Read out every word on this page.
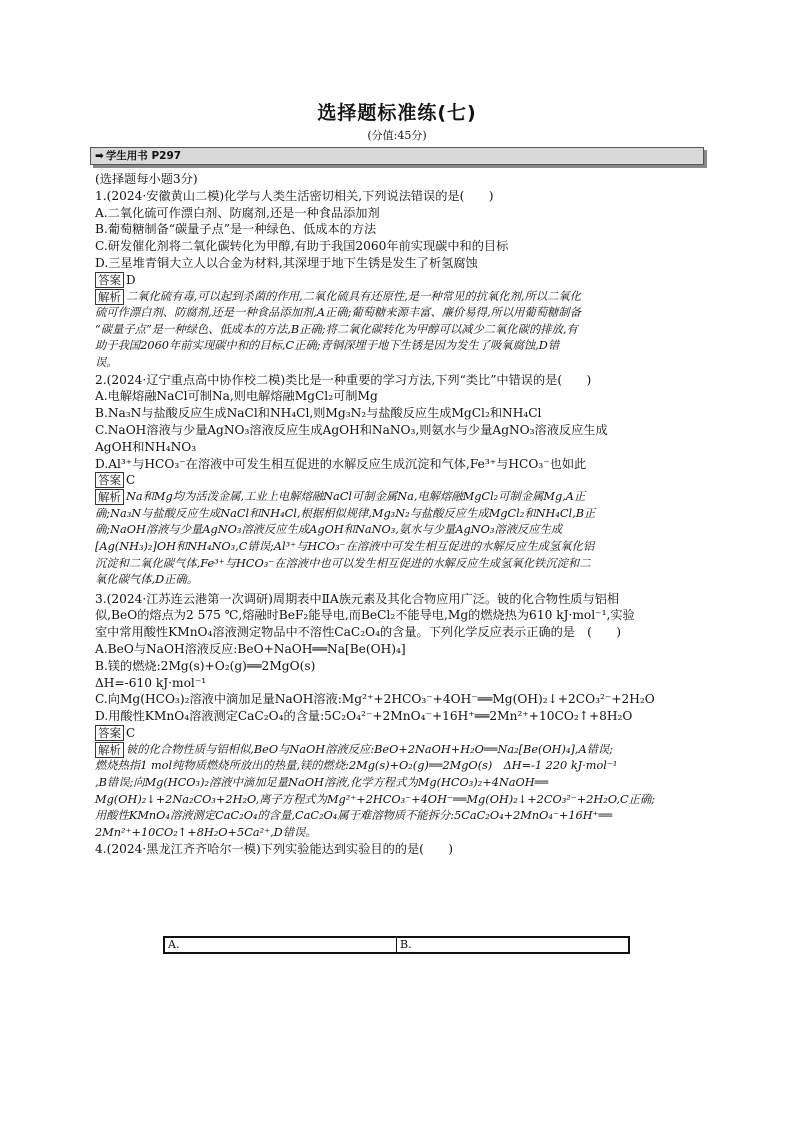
选择题标准练(七)
(分值:45分)
➡ 学生用书 P297
(选择题每小题3分)
1.(2024·安徽黄山二模)化学与人类生活密切相关,下列说法错误的是(　　)
A.二氧化硫可作漂白剂、防腐剂,还是一种食品添加剂
B.葡萄糖制备“碳量子点”是一种绿色、低成本的方法
C.研发催化剂将二氧化碳转化为甲醇,有助于我国2060年前实现碳中和的目标
D.三星堆青铜大立人以合金为材料,其深埋于地下生锈是发生了析氢腐蚀
答案 D
解析 二氧化硫有毒,可以起到杀菌的作用,二氧化硫具有还原性,是一种常见的抗氧化剂,所以二氧化
硫可作漂白剂、防腐剂,还是一种食品添加剂,A正确;葡萄糖来源丰富、廉价易得,所以用葡萄糖制备
“碳量子点”是一种绿色、低成本的方法,B正确;将二氧化碳转化为甲醇可以减少二氧化碳的排放,有
助于我国2060年前实现碳中和的目标,C正确;青铜深埋于地下生锈是因为发生了吸氧腐蚀,D错
误。
2.(2024·辽宁重点高中协作校二模)类比是一种重要的学习方法,下列“类比”中错误的是(　　)
A.电解熔融NaCl可制Na,则电解熔融MgCl₂可制Mg
B.Na₃N与盐酸反应生成NaCl和NH₄Cl,则Mg₃N₂与盐酸反应生成MgCl₂和NH₄Cl
C.NaOH溶液与少量AgNO₃溶液反应生成AgOH和NaNO₃,则氨水与少量AgNO₃溶液反应生成
AgOH和NH₄NO₃
D.Al³⁺与HCO₃⁻在溶液中可发生相互促进的水解反应生成沉淀和气体,Fe³⁺与HCO₃⁻也如此
答案 C
解析 Na和Mg均为活泼金属,工业上电解熔融NaCl可制金属Na,电解熔融MgCl₂可制金属Mg,A正
确;Na₃N与盐酸反应生成NaCl和NH₄Cl,根据相似规律,Mg₃N₂与盐酸反应生成MgCl₂和NH₄Cl,B正
确;NaOH溶液与少量AgNO₃溶液反应生成AgOH和NaNO₃,氨水与少量AgNO₃溶液反应生成
[Ag(NH₃)₂]OH和NH₄NO₃,C错误;Al³⁺与HCO₃⁻在溶液中可发生相互促进的水解反应生成氢氧化铝
沉淀和二氧化碳气体,Fe³⁺与HCO₃⁻在溶液中也可以发生相互促进的水解反应生成氢氧化铁沉淀和二
氧化碳气体,D正确。
3.(2024·江苏连云港第一次调研)周期表中ⅡA族元素及其化合物应用广泛。铍的化合物性质与铝相
似,BeO的熔点为2 575 ℃,熔融时BeF₂能导电,而BeCl₂不能导电,Mg的燃烧热为610 kJ·mol⁻¹,实验
室中常用酸性KMnO₄溶液测定物品中不溶性CaC₂O₄的含量。下列化学反应表示正确的是　(　　)
A.BeO与NaOH溶液反应:BeO+NaOH══Na[Be(OH)₄]
B.镁的燃烧:2Mg(s)+O₂(g)══2MgO(s)
ΔH=-610 kJ·mol⁻¹
C.向Mg(HCO₃)₂溶液中滴加足量NaOH溶液:Mg²⁺+2HCO₃⁻+4OH⁻══Mg(OH)₂↓+2CO₃²⁻+2H₂O
D.用酸性KMnO₄溶液测定CaC₂O₄的含量:5C₂O₄²⁻+2MnO₄⁻+16H⁺══2Mn²⁺+10CO₂↑+8H₂O
答案 C
解析 铍的化合物性质与铝相似,BeO与NaOH溶液反应:BeO+2NaOH+H₂O══Na₂[Be(OH)₄],A错误;
燃烧热指1 mol纯物质燃烧所放出的热量,镁的燃烧:2Mg(s)+O₂(g)══2MgO(s)　ΔH=-1 220 kJ·mol⁻¹
,B错误;向Mg(HCO₃)₂溶液中滴加足量NaOH溶液,化学方程式为Mg(HCO₃)₂+4NaOH══
Mg(OH)₂↓+2Na₂CO₃+2H₂O,离子方程式为Mg²⁺+2HCO₃⁻+4OH⁻══Mg(OH)₂↓+2CO₃²⁻+2H₂O,C正确;
用酸性KMnO₄溶液测定CaC₂O₄的含量,CaC₂O₄属于难溶物质不能拆分:5CaC₂O₄+2MnO₄⁻+16H⁺══
2Mn²⁺+10CO₂↑+8H₂O+5Ca²⁺,D错误。
4.(2024·黑龙江齐齐哈尔一模)下列实验能达到实验目的的是(　　)
A.	B.
